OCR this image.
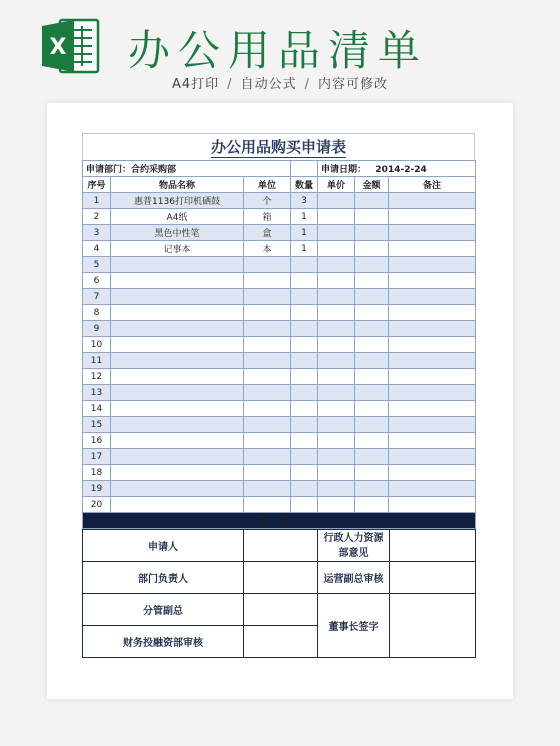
X 办公用品清单
A4打印 / 自动公式 / 内容可修改
办公用品购买申请表
申请部门：合约采购部				申请日期： 2014-2-24		
序号	物品名称	单位	数量	单价	金额	备注
1	惠普1136打印机硒鼓	个	3			
2	A4纸	箱	1			
3	黑色中性笔	盒	1			
4	记事本	本	1			
5						
6						
7						
8						
9						
10						
11						
12						
13						
14						
15						
16						
17						
18						
19						
20						
合　计：						
申请人		行政人力资源部意见	
部门负责人		运营副总审核	
分管副总		董事长签字	
财务投融资部审核			
